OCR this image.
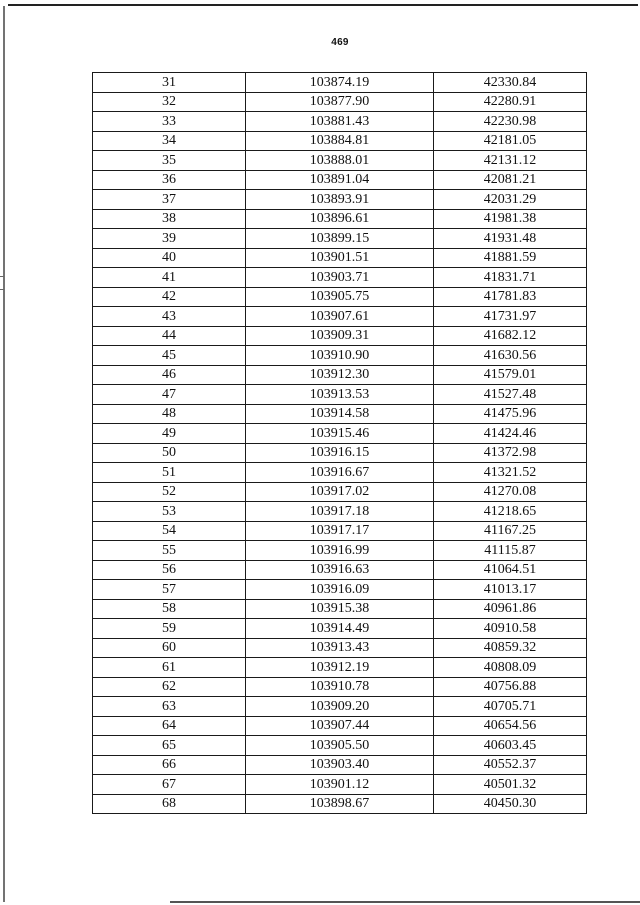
469
31	103874.19	42330.84
32	103877.90	42280.91
33	103881.43	42230.98
34	103884.81	42181.05
35	103888.01	42131.12
36	103891.04	42081.21
37	103893.91	42031.29
38	103896.61	41981.38
39	103899.15	41931.48
40	103901.51	41881.59
41	103903.71	41831.71
42	103905.75	41781.83
43	103907.61	41731.97
44	103909.31	41682.12
45	103910.90	41630.56
46	103912.30	41579.01
47	103913.53	41527.48
48	103914.58	41475.96
49	103915.46	41424.46
50	103916.15	41372.98
51	103916.67	41321.52
52	103917.02	41270.08
53	103917.18	41218.65
54	103917.17	41167.25
55	103916.99	41115.87
56	103916.63	41064.51
57	103916.09	41013.17
58	103915.38	40961.86
59	103914.49	40910.58
60	103913.43	40859.32
61	103912.19	40808.09
62	103910.78	40756.88
63	103909.20	40705.71
64	103907.44	40654.56
65	103905.50	40603.45
66	103903.40	40552.37
67	103901.12	40501.32
68	103898.67	40450.30
